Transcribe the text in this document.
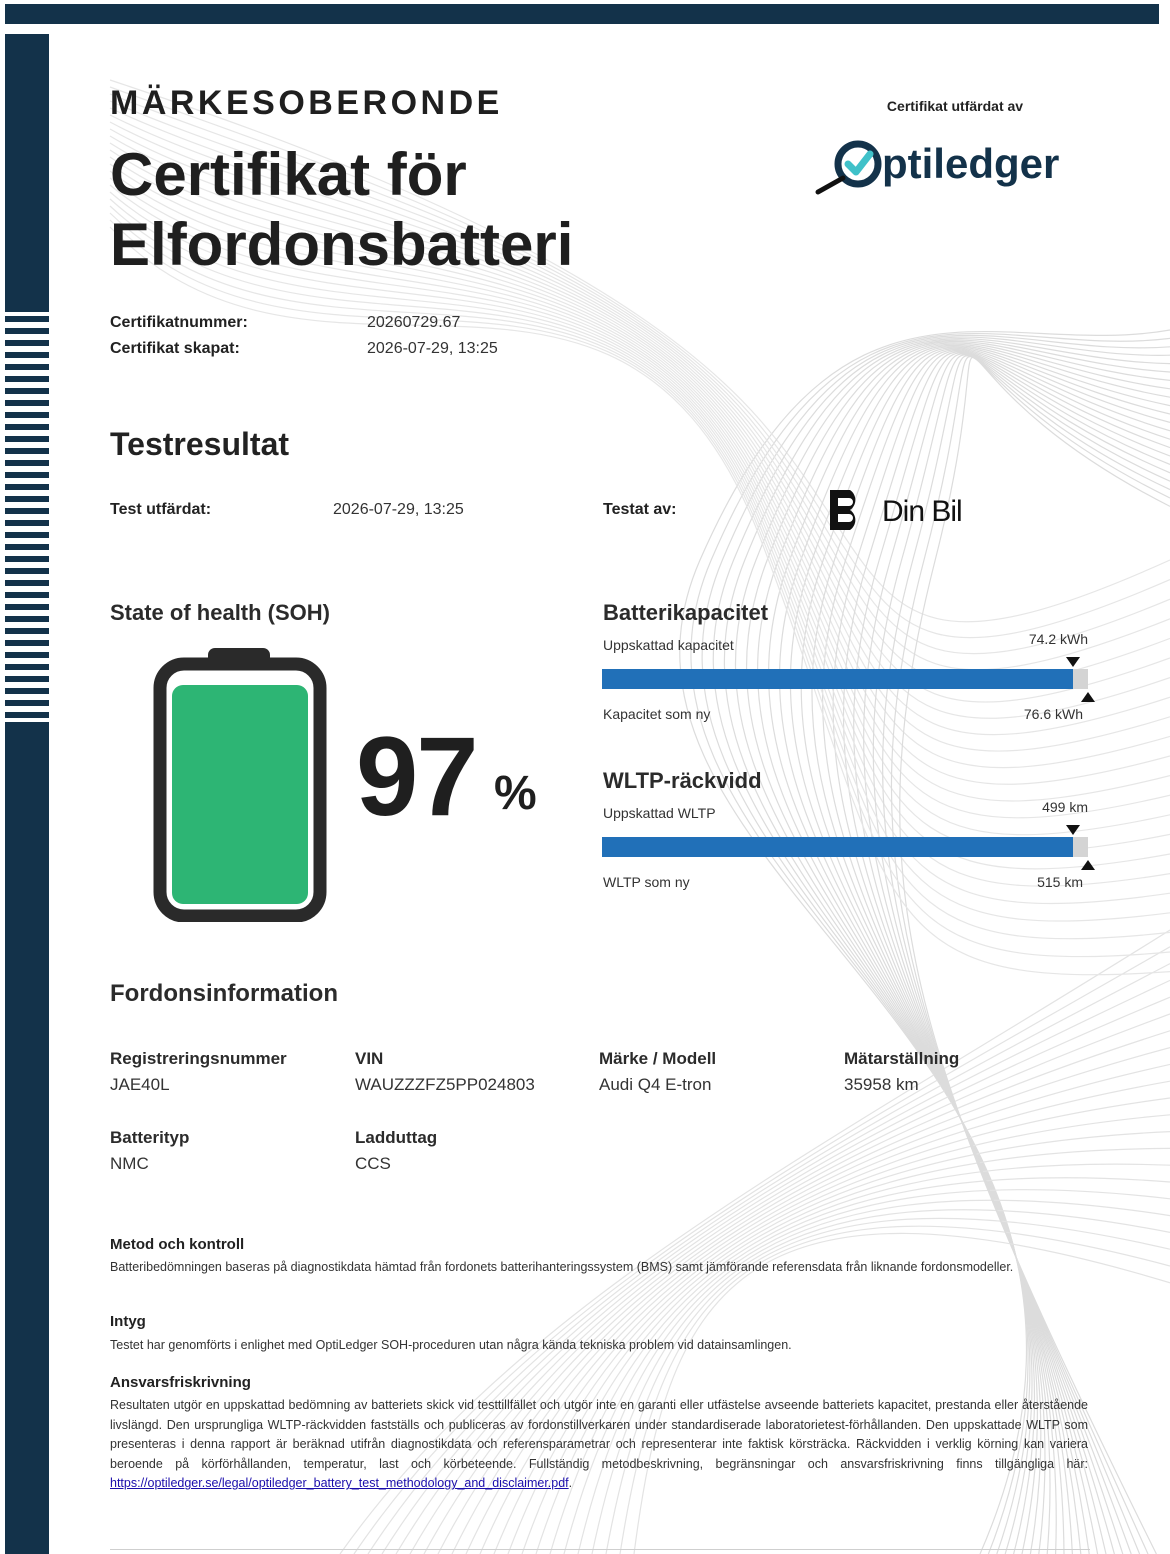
MÄRKESOBERONDE
Certifikat för
Elfordonsbatteri
Certifikat utfärdat av
ptiledger
Certifikatnummer:	20260729.67
Certifikat skapat:	2026-07-29, 13:25
Testresultat
Test utfärdat:	2026-07-29, 13:25	Testat av:	Din Bil
State of health (SOH)
97 %
Batterikapacitet
Uppskattad kapacitet	74.2 kWh
Kapacitet som ny	76.6 kWh
WLTP-räckvidd
Uppskattad WLTP	499 km
WLTP som ny	515 km
Fordonsinformation
Registreringsnummer
JAE40L
VIN
WAUZZZFZ5PP024803
Märke / Modell
Audi Q4 E-tron
Mätarställning
35958 km
Batterityp
NMC
Ladduttag
CCS
Metod och kontroll
Batteribedömningen baseras på diagnostikdata hämtad från fordonets batterihanteringssystem (BMS) samt jämförande referensdata från liknande fordonsmodeller.
Intyg
Testet har genomförts i enlighet med OptiLedger SOH-proceduren utan några kända tekniska problem vid datainsamlingen.
Ansvarsfriskrivning
Resultaten utgör en uppskattad bedömning av batteriets skick vid testtillfället och utgör inte en garanti eller utfästelse avseende batteriets kapacitet, prestanda eller återstående livslängd. Den ursprungliga WLTP-räckvidden fastställs och publiceras av fordonstillverkaren under standardiserade laboratorietest-förhållanden. Den uppskattade WLTP som presenteras i denna rapport är beräknad utifrån diagnostikdata och referensparametrar och representerar inte faktisk körsträcka. Räckvidden i verklig körning kan variera beroende på körförhållanden, temperatur, last och körbeteende. Fullständig metodbeskrivning, begränsningar och ansvarsfriskrivning finns tillgängliga här: https://optiledger.se/legal/optiledger_battery_test_methodology_and_disclaimer.pdf.
